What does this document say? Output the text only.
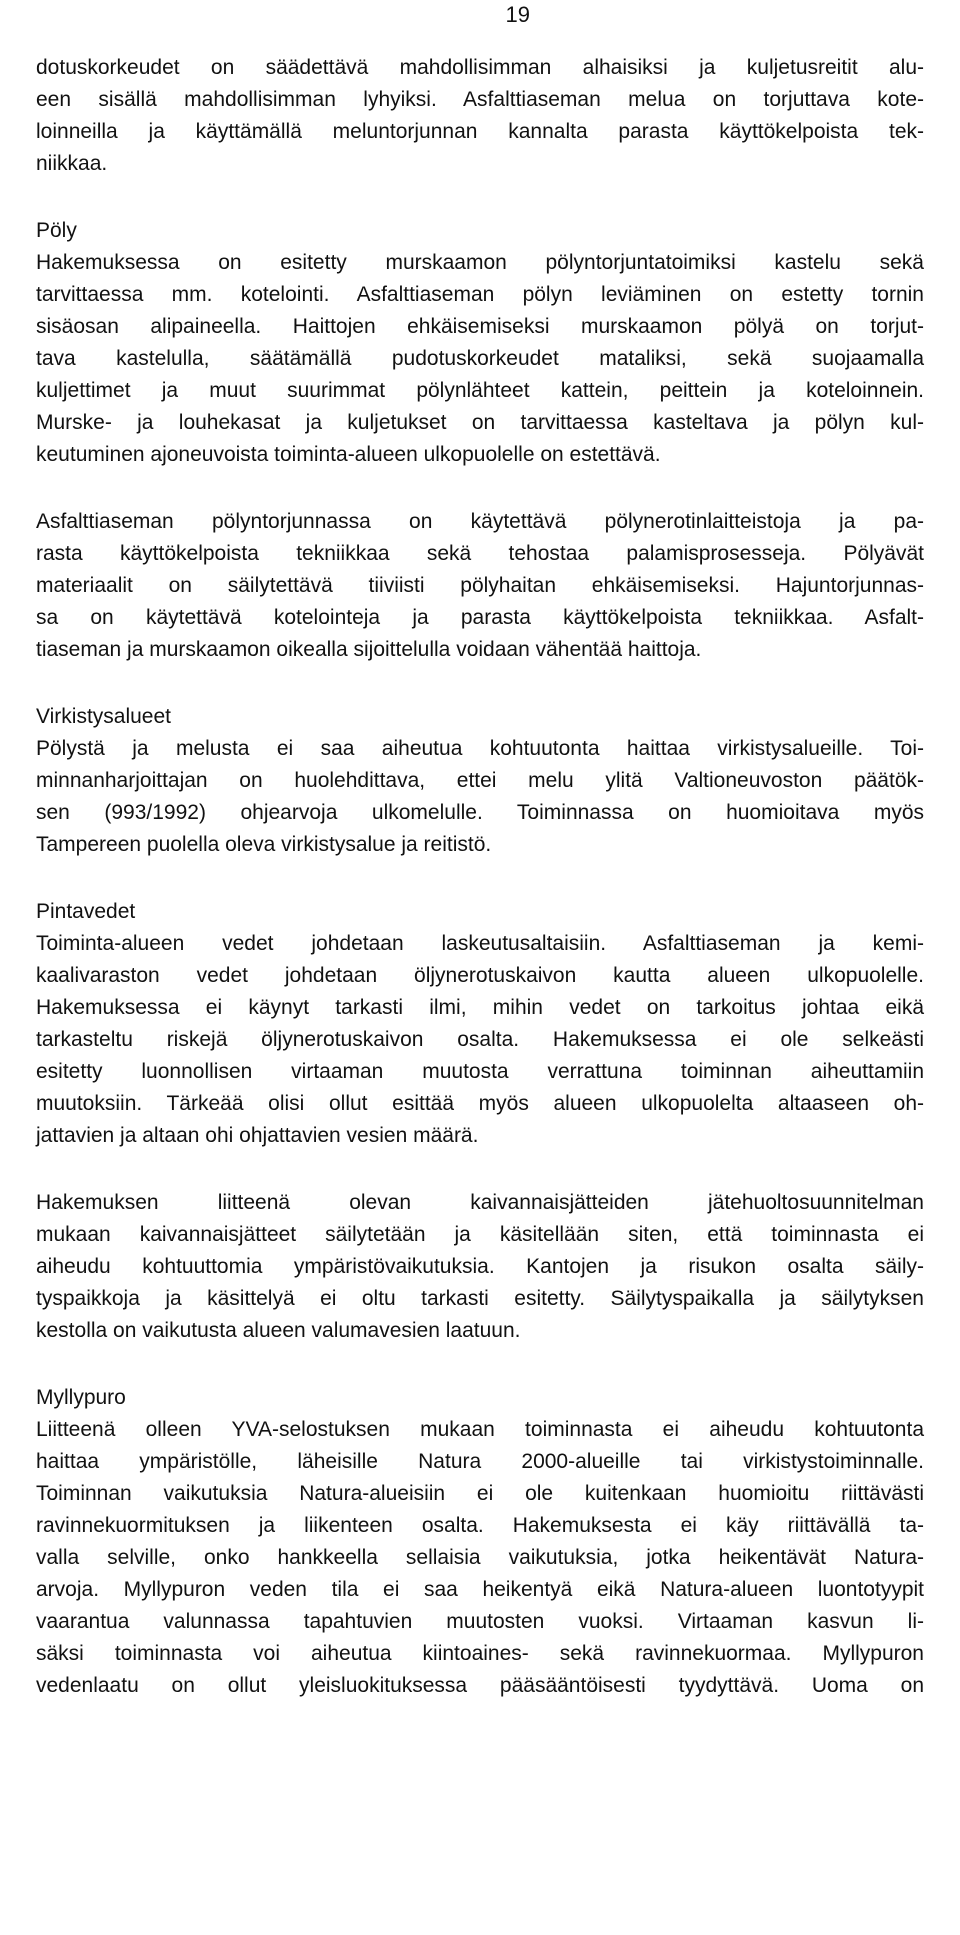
19
dotuskorkeudet on säädettävä mahdollisimman alhaisiksi ja kuljetusreitit alu-
een sisällä mahdollisimman lyhyiksi. Asfalttiaseman melua on torjuttava kote-
loinneilla ja käyttämällä meluntorjunnan kannalta parasta käyttökelpoista tek-
niikkaa.
Pöly
Hakemuksessa on esitetty murskaamon pölyntorjuntatoimiksi kastelu sekä
tarvittaessa mm. kotelointi. Asfalttiaseman pölyn leviäminen on estetty tornin
sisäosan alipaineella. Haittojen ehkäisemiseksi murskaamon pölyä on torjut-
tava kastelulla, säätämällä pudotuskorkeudet mataliksi, sekä suojaamalla
kuljettimet ja muut suurimmat pölynlähteet kattein, peittein ja koteloinnein.
Murske- ja louhekasat ja kuljetukset on tarvittaessa kasteltava ja pölyn kul-
keutuminen ajoneuvoista toiminta-alueen ulkopuolelle on estettävä.
Asfalttiaseman pölyntorjunnassa on käytettävä pölynerotinlaitteistoja ja pa-
rasta käyttökelpoista tekniikkaa sekä tehostaa palamisprosesseja. Pölyävät
materiaalit on säilytettävä tiiviisti pölyhaitan ehkäisemiseksi. Hajuntorjunnas-
sa on käytettävä kotelointeja ja parasta käyttökelpoista tekniikkaa. Asfalt-
tiaseman ja murskaamon oikealla sijoittelulla voidaan vähentää haittoja.
Virkistysalueet
Pölystä ja melusta ei saa aiheutua kohtuutonta haittaa virkistysalueille. Toi-
minnanharjoittajan on huolehdittava, ettei melu ylitä Valtioneuvoston päätök-
sen (993/1992) ohjearvoja ulkomelulle. Toiminnassa on huomioitava myös
Tampereen puolella oleva virkistysalue ja reitistö.
Pintavedet
Toiminta-alueen vedet johdetaan laskeutusaltaisiin. Asfalttiaseman ja kemi-
kaalivaraston vedet johdetaan öljynerotuskaivon kautta alueen ulkopuolelle.
Hakemuksessa ei käynyt tarkasti ilmi, mihin vedet on tarkoitus johtaa eikä
tarkasteltu riskejä öljynerotuskaivon osalta. Hakemuksessa ei ole selkeästi
esitetty luonnollisen virtaaman muutosta verrattuna toiminnan aiheuttamiin
muutoksiin. Tärkeää olisi ollut esittää myös alueen ulkopuolelta altaaseen oh-
jattavien ja altaan ohi ohjattavien vesien määrä.
Hakemuksen liitteenä olevan kaivannaisjätteiden jätehuoltosuunnitelman
mukaan kaivannaisjätteet säilytetään ja käsitellään siten, että toiminnasta ei
aiheudu kohtuuttomia ympäristövaikutuksia. Kantojen ja risukon osalta säily-
tyspaikkoja ja käsittelyä ei oltu tarkasti esitetty. Säilytyspaikalla ja säilytyksen
kestolla on vaikutusta alueen valumavesien laatuun.
Myllypuro
Liitteenä olleen YVA-selostuksen mukaan toiminnasta ei aiheudu kohtuutonta
haittaa ympäristölle, läheisille Natura 2000-alueille tai virkistystoiminnalle.
Toiminnan vaikutuksia Natura-alueisiin ei ole kuitenkaan huomioitu riittävästi
ravinnekuormituksen ja liikenteen osalta. Hakemuksesta ei käy riittävällä ta-
valla selville, onko hankkeella sellaisia vaikutuksia, jotka heikentävät Natura-
arvoja. Myllypuron veden tila ei saa heikentyä eikä Natura-alueen luontotyypit
vaarantua valunnassa tapahtuvien muutosten vuoksi. Virtaaman kasvun li-
säksi toiminnasta voi aiheutua kiintoaines- sekä ravinnekuormaa. Myllypuron
vedenlaatu on ollut yleisluokituksessa pääsääntöisesti tyydyttävä. Uoma on
